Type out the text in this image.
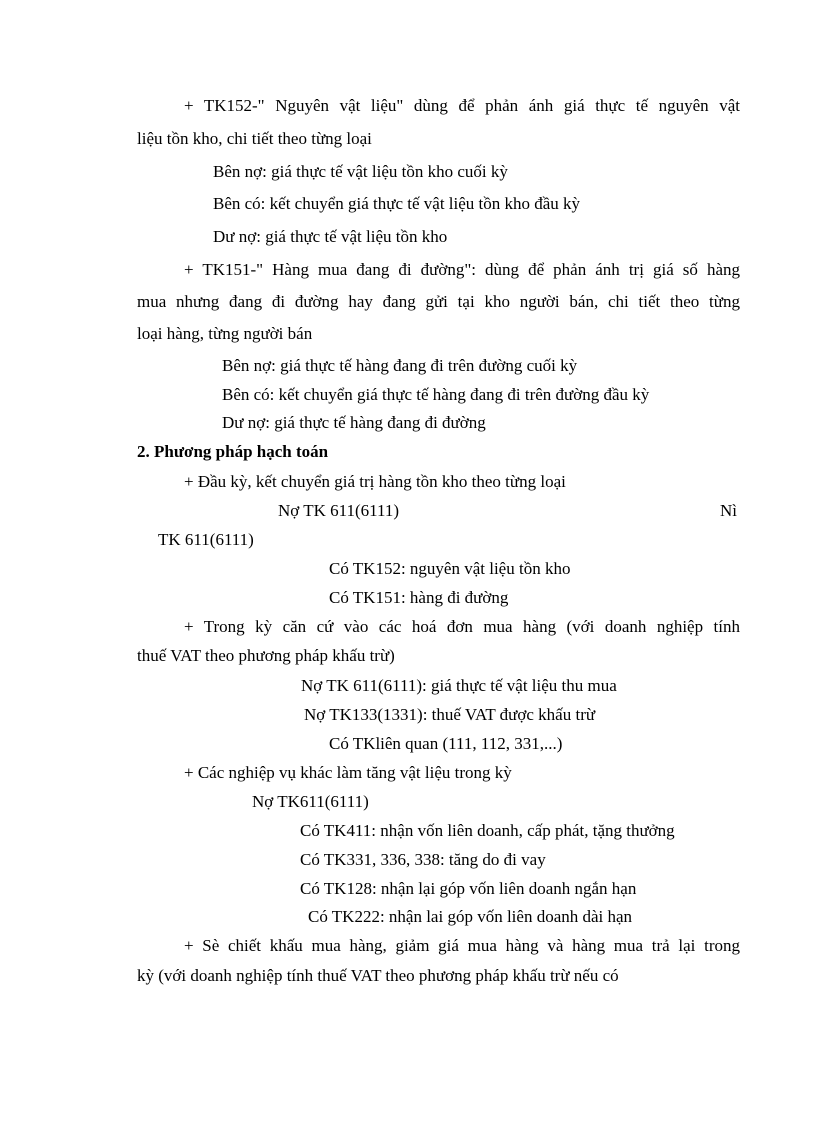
+ TK152-" Nguyên vật liệu" dùng để phản ánh giá thực tế nguyên vật
liệu tồn kho, chi tiết theo từng loại
Bên nợ: giá thực tế vật liệu tồn kho cuối kỳ
Bên có: kết chuyển giá thực tế vật liệu tồn kho đầu kỳ
Dư nợ: giá thực tế vật liệu tồn kho
+ TK151-" Hàng mua đang đi đường": dùng để phản ánh trị giá số hàng
mua nhưng đang đi đường hay đang gửi tại kho người bán, chi tiết theo từng
loại hàng, từng người bán
Bên nợ: giá thực tế hàng đang đi trên đường cuối kỳ
Bên có: kết chuyển giá thực tế hàng đang đi trên đường đầu kỳ
Dư nợ: giá thực tế hàng đang đi đường
2. Phương pháp hạch toán
+ Đầu kỳ, kết chuyển giá trị hàng tồn kho theo từng loại
Nợ TK 611(6111)	Nì
TK 611(6111)
Có TK152: nguyên vật liệu tồn kho
Có TK151: hàng đi đường
+ Trong kỳ căn cứ vào các hoá đơn mua hàng (với doanh nghiệp tính
thuế VAT theo phương pháp khấu trừ)
Nợ TK 611(6111): giá thực tế vật liệu thu mua
Nợ TK133(1331): thuế VAT được khấu trừ
Có TKliên quan (111, 112, 331,...)
+ Các nghiệp vụ khác làm tăng vật liệu trong kỳ
Nợ TK611(6111)
Có TK411: nhận vốn liên doanh, cấp phát, tặng thưởng
Có TK331, 336, 338: tăng do đi vay
Có TK128: nhận lại góp vốn liên doanh ngắn hạn
Có TK222: nhận lai góp vốn liên doanh dài hạn
+ Sè chiết khấu mua hàng, giảm giá mua hàng và hàng mua trả lại trong
kỳ (với doanh nghiệp tính thuế VAT theo phương pháp khấu trừ nếu có
